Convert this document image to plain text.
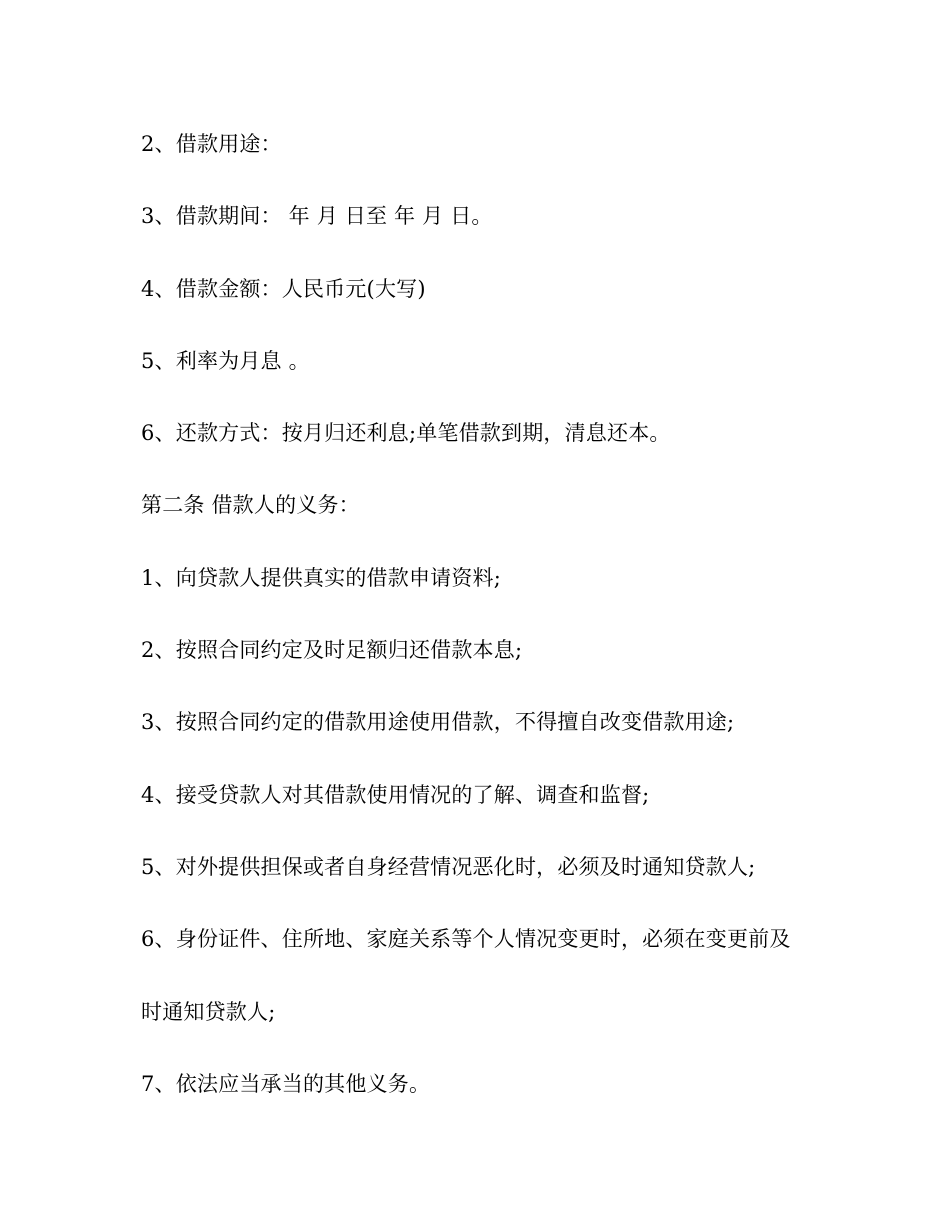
2、借款用途：
3、借款期间： 年 月 日至 年 月 日。
4、借款金额：人民币元(大写)
5、利率为月息 。
6、还款方式：按月归还利息;单笔借款到期，清息还本。
第二条 借款人的义务：
1、向贷款人提供真实的借款申请资料;
2、按照合同约定及时足额归还借款本息;
3、按照合同约定的借款用途使用借款，不得擅自改变借款用途;
4、接受贷款人对其借款使用情况的了解、调查和监督;
5、对外提供担保或者自身经营情况恶化时，必须及时通知贷款人;
6、身份证件、住所地、家庭关系等个人情况变更时，必须在变更前及
时通知贷款人;
7、依法应当承当的其他义务。
